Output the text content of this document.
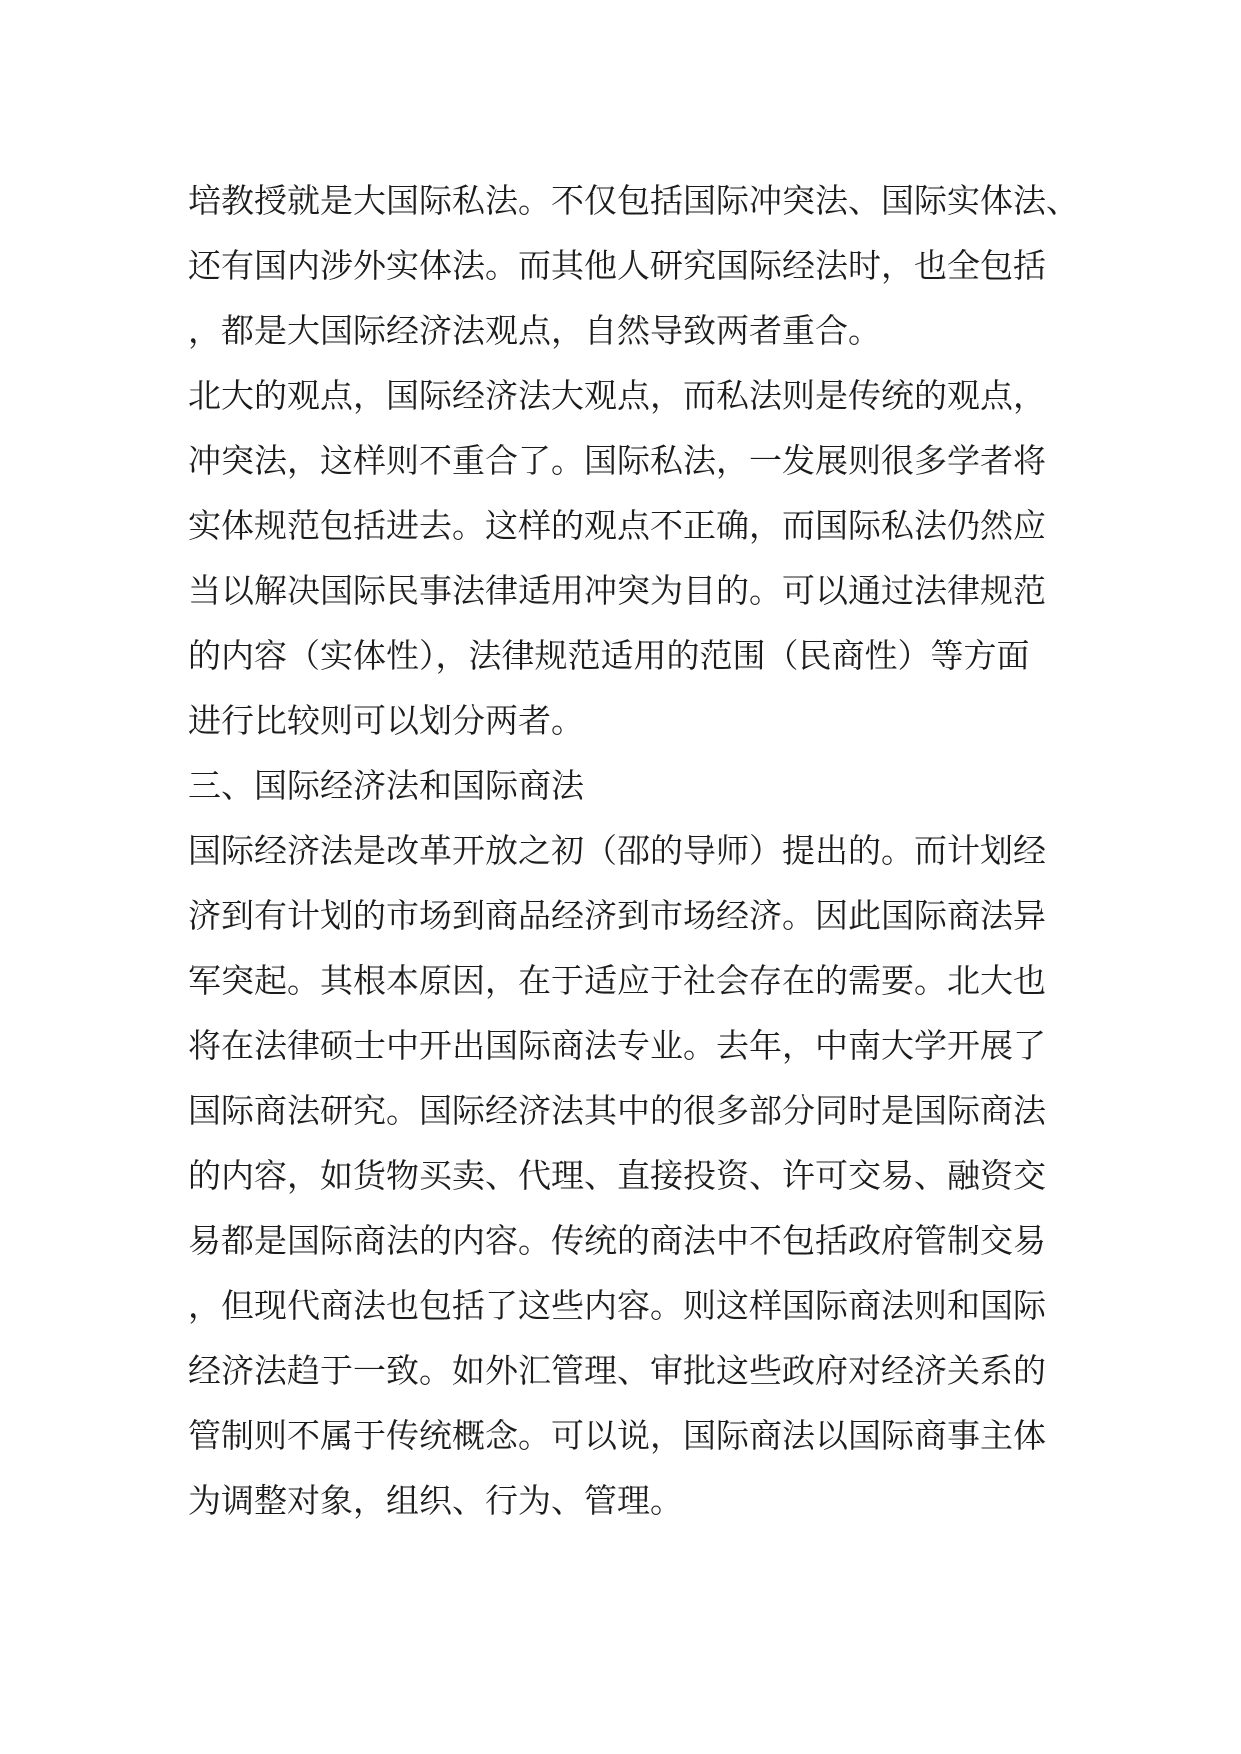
培教授就是大国际私法。不仅包括国际冲突法、国际实体法、
还有国内涉外实体法。而其他人研究国际经法时，也全包括
，都是大国际经济法观点，自然导致两者重合。
北大的观点，国际经济法大观点，而私法则是传统的观点，
冲突法，这样则不重合了。国际私法，一发展则很多学者将
实体规范包括进去。这样的观点不正确，而国际私法仍然应
当以解决国际民事法律适用冲突为目的。可以通过法律规范
的内容（实体性），法律规范适用的范围（民商性）等方面
进行比较则可以划分两者。
三、国际经济法和国际商法
国际经济法是改革开放之初（邵的导师）提出的。而计划经
济到有计划的市场到商品经济到市场经济。因此国际商法异
军突起。其根本原因，在于适应于社会存在的需要。北大也
将在法律硕士中开出国际商法专业。去年，中南大学开展了
国际商法研究。国际经济法其中的很多部分同时是国际商法
的内容，如货物买卖、代理、直接投资、许可交易、融资交
易都是国际商法的内容。传统的商法中不包括政府管制交易
，但现代商法也包括了这些内容。则这样国际商法则和国际
经济法趋于一致。如外汇管理、审批这些政府对经济关系的
管制则不属于传统概念。可以说，国际商法以国际商事主体
为调整对象，组织、行为、管理。
